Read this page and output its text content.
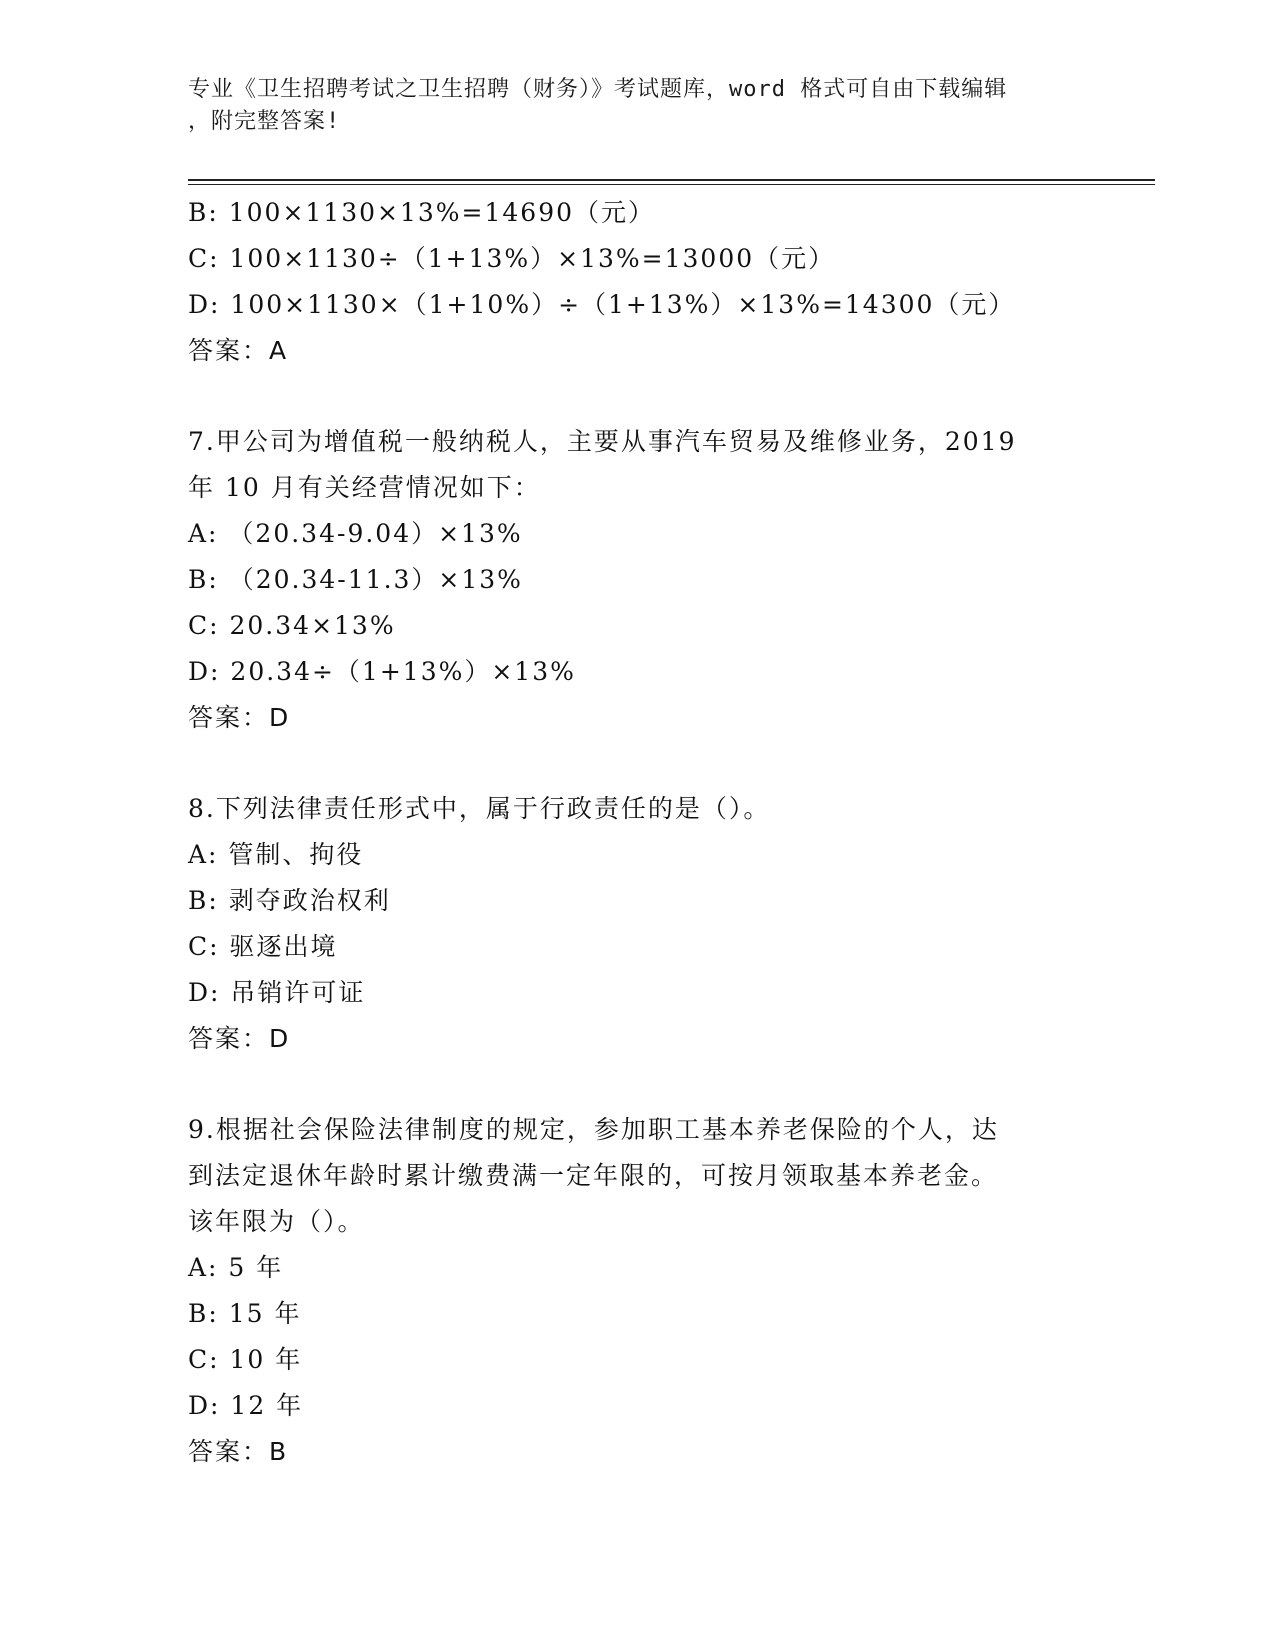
专业《卫生招聘考试之卫生招聘（财务）》考试题库，word 格式可自由下载编辑
，附完整答案!
B: 100×1130×13%=14690（元）
C: 100×1130÷（1+13%）×13%=13000（元）
D: 100×1130×（1+10%）÷（1+13%）×13%=14300（元）
答案：A
7.甲公司为增值税一般纳税人，主要从事汽车贸易及维修业务，2019
年 10 月有关经营情况如下：
A: （20.34-9.04）×13%
B: （20.34-11.3）×13%
C: 20.34×13%
D: 20.34÷（1+13%）×13%
答案：D
8.下列法律责任形式中，属于行政责任的是（）。
A: 管制、拘役
B: 剥夺政治权利
C: 驱逐出境
D: 吊销许可证
答案：D
9.根据社会保险法律制度的规定，参加职工基本养老保险的个人，达
到法定退休年龄时累计缴费满一定年限的，可按月领取基本养老金。
该年限为（）。
A: 5 年
B: 15 年
C: 10 年
D: 12 年
答案：B
